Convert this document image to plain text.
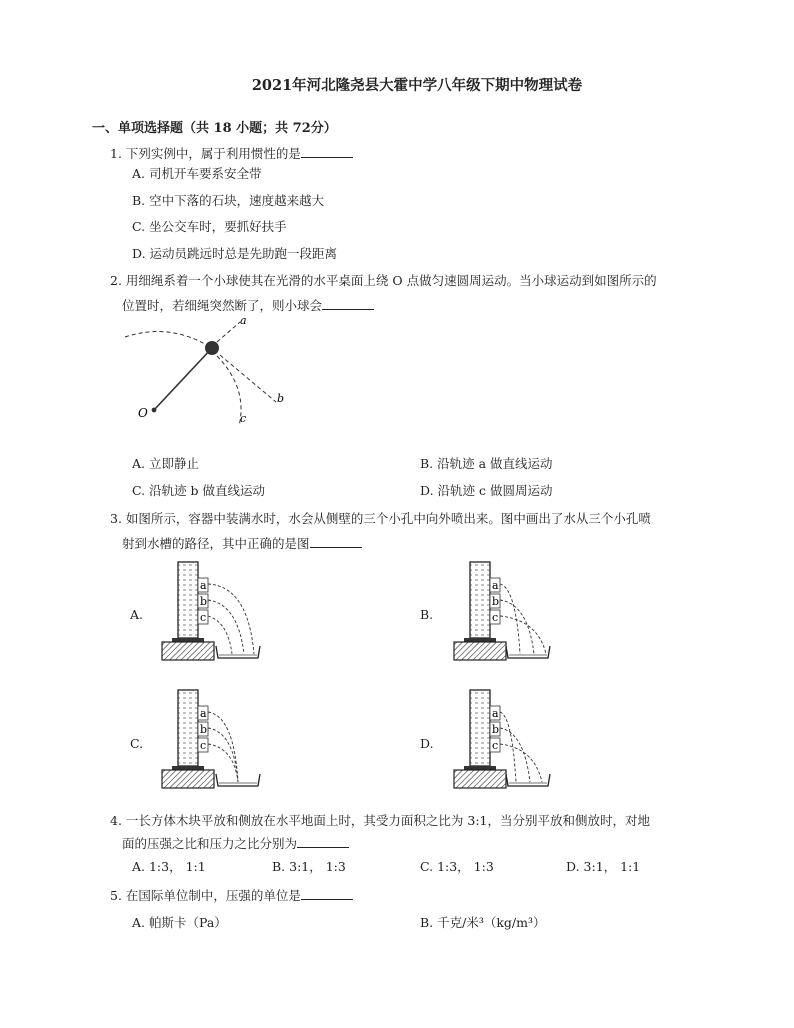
2021年河北隆尧县大霍中学八年级下期中物理试卷
一、单项选择题（共 18 小题；共 72分）
1. 下列实例中，属于利用惯性的是
A. 司机开车要系安全带
B. 空中下落的石块，速度越来越大
C. 坐公交车时，要抓好扶手
D. 运动员跳远时总是先助跑一段距离
2. 用细绳系着一个小球使其在光滑的水平桌面上绕 O 点做匀速圆周运动。当小球运动到如图所示的
位置时，若细绳突然断了，则小球会
O
a
b
c
A. 立即静止	B. 沿轨迹 a 做直线运动
C. 沿轨迹 b 做直线运动	D. 沿轨迹 c 做圆周运动
3. 如图所示，容器中装满水时，水会从侧壁的三个小孔中向外喷出来。图中画出了水从三个小孔喷
射到水槽的路径，其中正确的是图
A.	B.
C.	D.
a
b
c
a
b
c
a
b
c
a
b
c
4. 一长方体木块平放和侧放在水平地面上时，其受力面积之比为 3:1，当分别平放和侧放时，对地
面的压强之比和压力之比分别为
A. 1:3， 1:1	B. 3:1， 1:3	C. 1:3， 1:3	D. 3:1， 1:1
5. 在国际单位制中，压强的单位是
A. 帕斯卡（Pa）	B. 千克/米³（kg/m³）
